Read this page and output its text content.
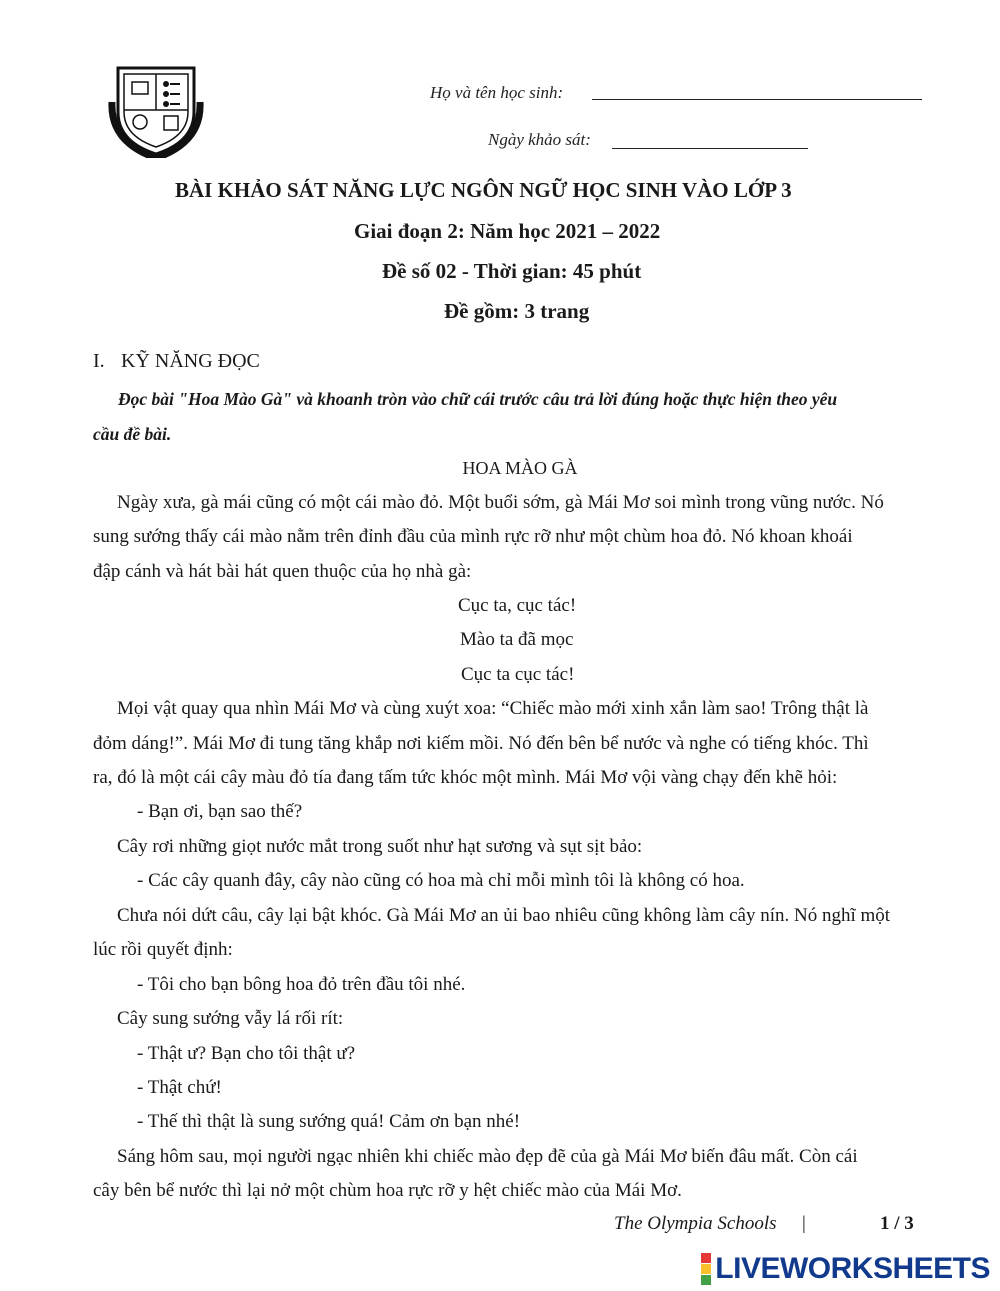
Họ và tên học sinh:
Ngày khảo sát:
BÀI KHẢO SÁT NĂNG LỰC NGÔN NGỮ HỌC SINH VÀO LỚP 3
Giai đoạn 2: Năm học 2021 – 2022
Đề số 02 - Thời gian: 45 phút
Đề gồm: 3 trang
I. KỸ NĂNG ĐỌC
Đọc bài "Hoa Mào Gà" và khoanh tròn vào chữ cái trước câu trả lời đúng hoặc thực hiện theo yêu
cầu đề bài.
HOA MÀO GÀ
Ngày xưa, gà mái cũng có một cái mào đỏ. Một buổi sớm, gà Mái Mơ soi mình trong vũng nước. Nó
sung sướng thấy cái mào nằm trên đỉnh đầu của mình rực rỡ như một chùm hoa đỏ. Nó khoan khoái
đập cánh và hát bài hát quen thuộc của họ nhà gà:
Cục ta, cục tác!
Mào ta đã mọc
Cục ta cục tác!
Mọi vật quay qua nhìn Mái Mơ và cùng xuýt xoa: “Chiếc mào mới xinh xắn làm sao! Trông thật là
đỏm dáng!”. Mái Mơ đi tung tăng khắp nơi kiếm mồi. Nó đến bên bể nước và nghe có tiếng khóc. Thì
ra, đó là một cái cây màu đỏ tía đang tấm tức khóc một mình. Mái Mơ vội vàng chạy đến khẽ hỏi:
- Bạn ơi, bạn sao thế?
Cây rơi những giọt nước mắt trong suốt như hạt sương và sụt sịt bảo:
- Các cây quanh đây, cây nào cũng có hoa mà chỉ mỗi mình tôi là không có hoa.
Chưa nói dứt câu, cây lại bật khóc. Gà Mái Mơ an ủi bao nhiêu cũng không làm cây nín. Nó nghĩ một
lúc rồi quyết định:
- Tôi cho bạn bông hoa đỏ trên đầu tôi nhé.
Cây sung sướng vẫy lá rối rít:
- Thật ư? Bạn cho tôi thật ư?
- Thật chứ!
- Thế thì thật là sung sướng quá! Cảm ơn bạn nhé!
Sáng hôm sau, mọi người ngạc nhiên khi chiếc mào đẹp đẽ của gà Mái Mơ biến đâu mất. Còn cái
cây bên bể nước thì lại nở một chùm hoa rực rỡ y hệt chiếc mào của Mái Mơ.
The Olympia Schools |	1 / 3
LIVEWORKSHEETS
